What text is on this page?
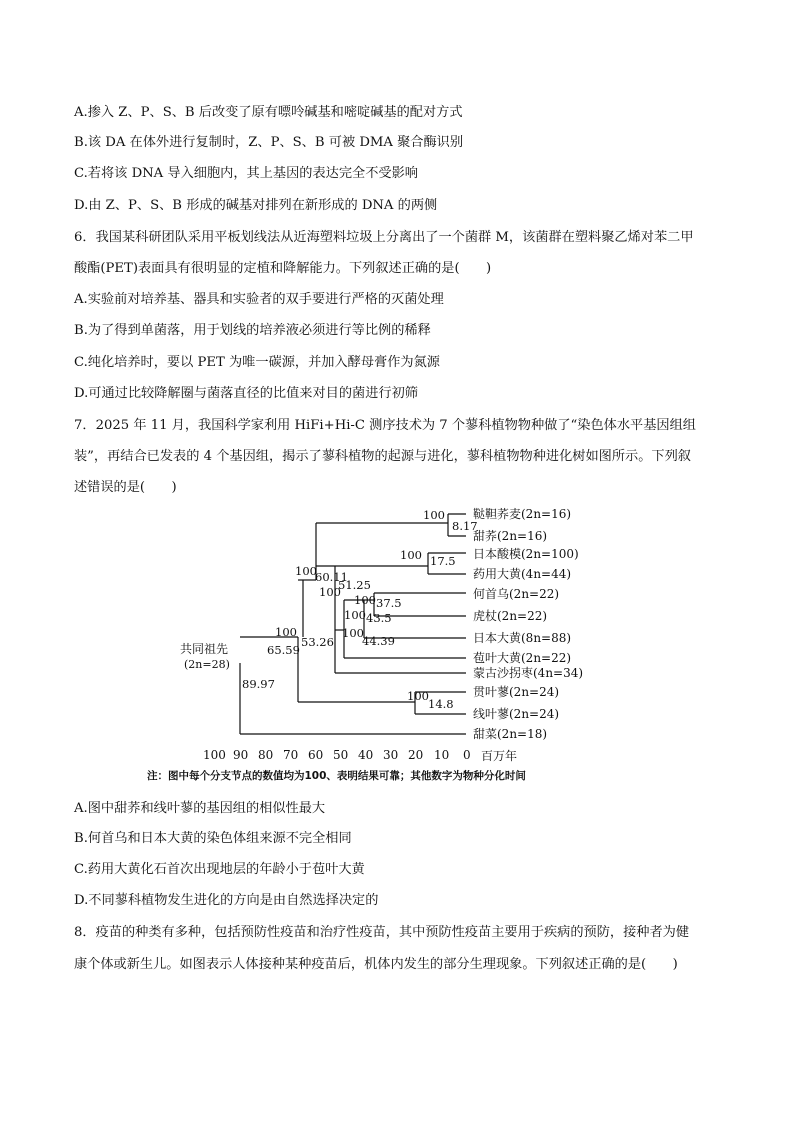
A.掺入 Z、P、S、B 后改变了原有嘌呤碱基和嘧啶碱基的配对方式
B.该 DA 在体外进行复制时，Z、P、S、B 可被 DMA 聚合酶识别
C.若将该 DNA 导入细胞内，其上基因的表达完全不受影响
D.由 Z、P、S、B 形成的碱基对排列在新形成的 DNA 的两侧
6．我国某科研团队采用平板划线法从近海塑料垃圾上分离出了一个菌群 M，该菌群在塑料聚乙烯对苯二甲
酸酯(PET)表面具有很明显的定植和降解能力。下列叙述正确的是(　　)
A.实验前对培养基、器具和实验者的双手要进行严格的灭菌处理
B.为了得到单菌落，用于划线的培养液必须进行等比例的稀释
C.纯化培养时，要以 PET 为唯一碳源，并加入酵母膏作为氮源
D.可通过比较降解圈与菌落直径的比值来对目的菌进行初筛
7．2025 年 11 月，我国科学家利用 HiFi+Hi-C 测序技术为 7 个蓼科植物物种做了“染色体水平基因组组
装”，再结合已发表的 4 个基因组，揭示了蓼科植物的起源与进化，蓼科植物物种进化树如图所示。下列叙
述错误的是(　　)
共同祖先
(2n=28)
100
100
100
100
100
100
100
100
100
8.17
17.5
60.11
51.25
37.5
43.5
44.39
53.26
65.59
14.8
89.97
鞑靼荞麦(2n=16)
甜荞(2n=16)
日本酸模(2n=100)
药用大黄(4n=44)
何首乌(2n=22)
虎杖(2n=22)
日本大黄(8n=88)
苞叶大黄(2n=22)
蒙古沙拐枣(4n=34)
贯叶蓼(2n=24)
线叶蓼(2n=24)
甜菜(2n=18)
100 90 80 70 60 50 40 30 20 10 0 百万年
注：图中每个分支节点的数值均为100、表明结果可靠；其他数字为物种分化时间
A.图中甜荞和线叶蓼的基因组的相似性最大
B.何首乌和日本大黄的染色体组来源不完全相同
C.药用大黄化石首次出现地层的年龄小于苞叶大黄
D.不同蓼科植物发生进化的方向是由自然选择决定的
8．疫苗的种类有多种，包括预防性疫苗和治疗性疫苗，其中预防性疫苗主要用于疾病的预防，接种者为健
康个体或新生儿。如图表示人体接种某种疫苗后，机体内发生的部分生理现象。下列叙述正确的是(　　)
